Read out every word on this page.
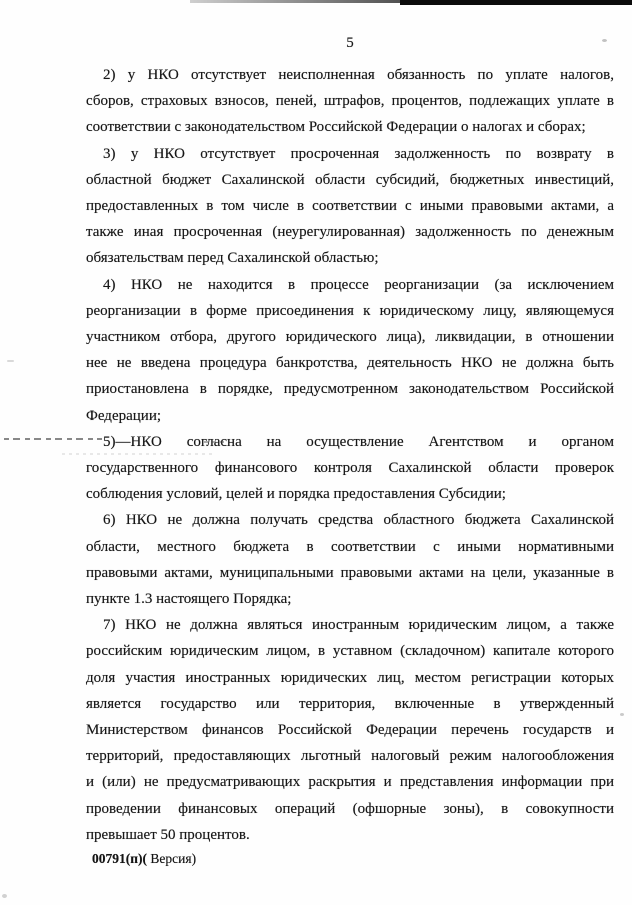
5
2) у НКО отсутствует неисполненная обязанность по уплате налогов,
сборов, страховых взносов, пеней, штрафов, процентов, подлежащих уплате в
соответствии с законодательством Российской Федерации о налогах и сборах;
3) у НКО отсутствует просроченная задолженность по возврату в
областной бюджет Сахалинской области субсидий, бюджетных инвестиций,
предоставленных в том числе в соответствии с иными правовыми актами, а
также иная просроченная (неурегулированная) задолженность по денежным
обязательствам перед Сахалинской областью;
4) НКО не находится в процессе реорганизации (за исключением
реорганизации в форме присоединения к юридическому лицу, являющемуся
участником отбора, другого юридического лица), ликвидации, в отношении
нее не введена процедура банкротства, деятельность НКО не должна быть
приостановлена в порядке, предусмотренном законодательством Российской
Федерации;
5)—НКО согласна на осуществление Агентством и органом
государственного финансового контроля Сахалинской области проверок
соблюдения условий, целей и порядка предоставления Субсидии;
6) НКО не должна получать средства областного бюджета Сахалинской
области, местного бюджета в соответствии с иными нормативными
правовыми актами, муниципальными правовыми актами на цели, указанные в
пункте 1.3 настоящего Порядка;
7) НКО не должна являться иностранным юридическим лицом, а также
российским юридическим лицом, в уставном (складочном) капитале которого
доля участия иностранных юридических лиц, местом регистрации которых
является государство или территория, включенные в утвержденный
Министерством финансов Российской Федерации перечень государств и
территорий, предоставляющих льготный налоговый режим налогообложения
и (или) не предусматривающих раскрытия и представления информации при
проведении финансовых операций (офшорные зоны), в совокупности
превышает 50 процентов.
00791(п)( Версия)
